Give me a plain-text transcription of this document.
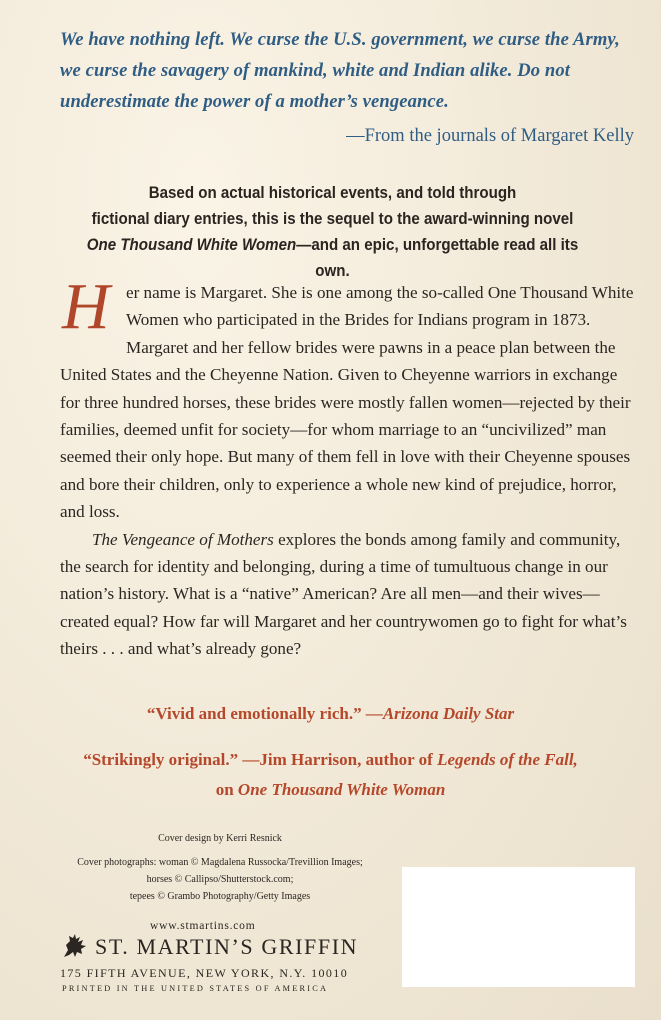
We have nothing left. We curse the U.S. government, we curse the Army, we curse the savagery of mankind, white and Indian alike. Do not underestimate the power of a mother’s vengeance.
—From the journals of Margaret Kelly
Based on actual historical events, and told through
fictional diary entries, this is the sequel to the award-winning novel
One Thousand White Women—and an epic, unforgettable read all its own.

Her name is Margaret. She is one among the so-called One Thousand White Women who participated in the Brides for Indians program in 1873. Margaret and her fellow brides were pawns in a peace plan between the United States and the Cheyenne Nation. Given to Cheyenne warriors in exchange for three hundred horses, these brides were mostly fallen women—rejected by their families, deemed unfit for society—for whom marriage to an “uncivilized” man seemed their only hope. But many of them fell in love with their Cheyenne spouses and bore their children, only to experience a whole new kind of prejudice, horror, and loss.

The Vengeance of Mothers explores the bonds among family and community, the search for identity and belonging, during a time of tumultuous change in our nation’s history. What is a “native” American? Are all men—and their wives—created equal? How far will Margaret and her countrywomen go to fight for what’s theirs . . . and what’s already gone?

“Vivid and emotionally rich.” —Arizona Daily Star
“Strikingly original.” —Jim Harrison, author of Legends of the Fall,
on One Thousand White Woman
Cover design by Kerri Resnick
Cover photographs: woman © Magdalena Russocka/Trevillion Images;
horses © Callipso/Shutterstock.com;
tepees © Grambo Photography/Getty Images
www.stmartins.com
ST. MARTIN’S GRIFFIN
175 FIFTH AVENUE, NEW YORK, N.Y. 10010
PRINTED IN THE UNITED STATES OF AMERICA
